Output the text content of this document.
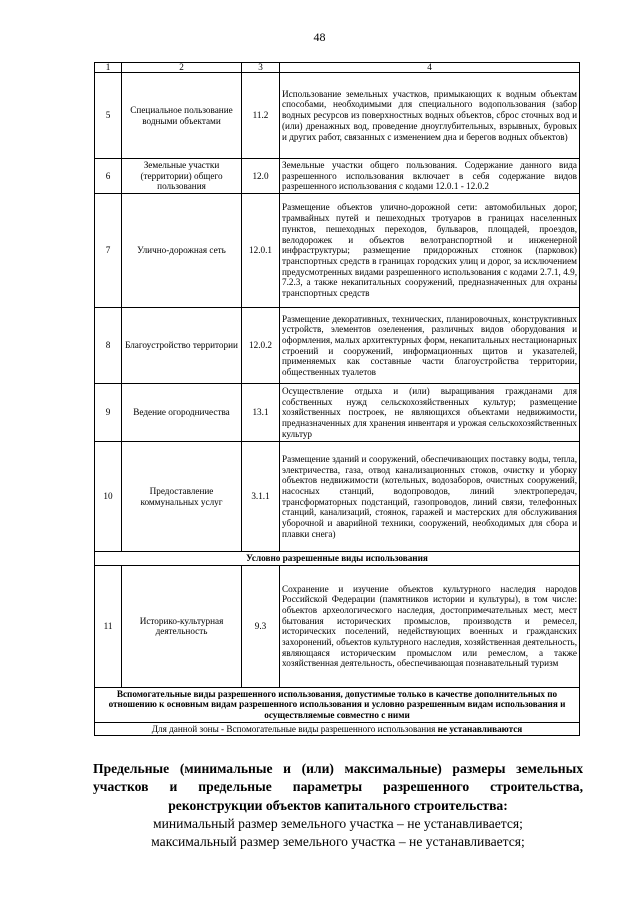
48
1	2	3	4
5	Специальное пользование водными объектами	11.2	Использование земельных участков, примыкающих к водным объектам способами, необходимыми для специального водопользования (забор водных ресурсов из поверхностных водных объектов, сброс сточных вод и (или) дренажных вод, проведение дноуглубительных, взрывных, буровых и других работ, связанных с изменением дна и берегов водных объектов)
6	Земельные участки (территории) общего пользования	12.0	Земельные участки общего пользования. Содержание данного вида разрешенного использования включает в себя содержание видов разрешенного использования с кодами 12.0.1 - 12.0.2
7	Улично-дорожная сеть	12.0.1	Размещение объектов улично-дорожной сети: автомобильных дорог, трамвайных путей и пешеходных тротуаров в границах населенных пунктов, пешеходных переходов, бульваров, площадей, проездов, велодорожек и объектов велотранспортной и инженерной инфраструктуры; размещение придорожных стоянок (парковок) транспортных средств в границах городских улиц и дорог, за исключением предусмотренных видами разрешенного использования с кодами 2.7.1, 4.9, 7.2.3, а также некапитальных сооружений, предназначенных для охраны транспортных средств
8	Благоустройство территории	12.0.2	Размещение декоративных, технических, планировочных, конструктивных устройств, элементов озеленения, различных видов оборудования и оформления, малых архитектурных форм, некапитальных нестационарных строений и сооружений, информационных щитов и указателей, применяемых как составные части благоустройства территории, общественных туалетов
9	Ведение огородничества	13.1	Осуществление отдыха и (или) выращивания гражданами для собственных нужд сельскохозяйственных культур; размещение хозяйственных построек, не являющихся объектами недвижимости, предназначенных для хранения инвентаря и урожая сельскохозяйственных культур
10	Предоставление коммунальных услуг	3.1.1	Размещение зданий и сооружений, обеспечивающих поставку воды, тепла, электричества, газа, отвод канализационных стоков, очистку и уборку объектов недвижимости (котельных, водозаборов, очистных сооружений, насосных станций, водопроводов, линий электропередач, трансформаторных подстанций, газопроводов, линий связи, телефонных станций, канализаций, стоянок, гаражей и мастерских для обслуживания уборочной и аварийной техники, сооружений, необходимых для сбора и плавки снега)
Условно разрешенные виды использования			
11	Историко-культурная деятельность	9.3	Сохранение и изучение объектов культурного наследия народов Российской Федерации (памятников истории и культуры), в том числе: объектов археологического наследия, достопримечательных мест, мест бытования исторических промыслов, производств и ремесел, исторических поселений, недействующих военных и гражданских захоронений, объектов культурного наследия, хозяйственная деятельность, являющаяся историческим промыслом или ремеслом, а также хозяйственная деятельность, обеспечивающая познавательный туризм
Вспомогательные виды разрешенного использования, допустимые только в качестве дополнительных по отношению к основным видам разрешенного использования и условно разрешенным видам использования и осуществляемые совместно с ними			
Для данной зоны - Вспомогательные виды разрешенного использования не устанавливаются			
Предельные (минимальные и (или) максимальные) размеры земельных участков и предельные параметры разрешенного строительства, реконструкции объектов капитального строительства:
минимальный размер земельного участка – не устанавливается;
максимальный размер земельного участка – не устанавливается;
